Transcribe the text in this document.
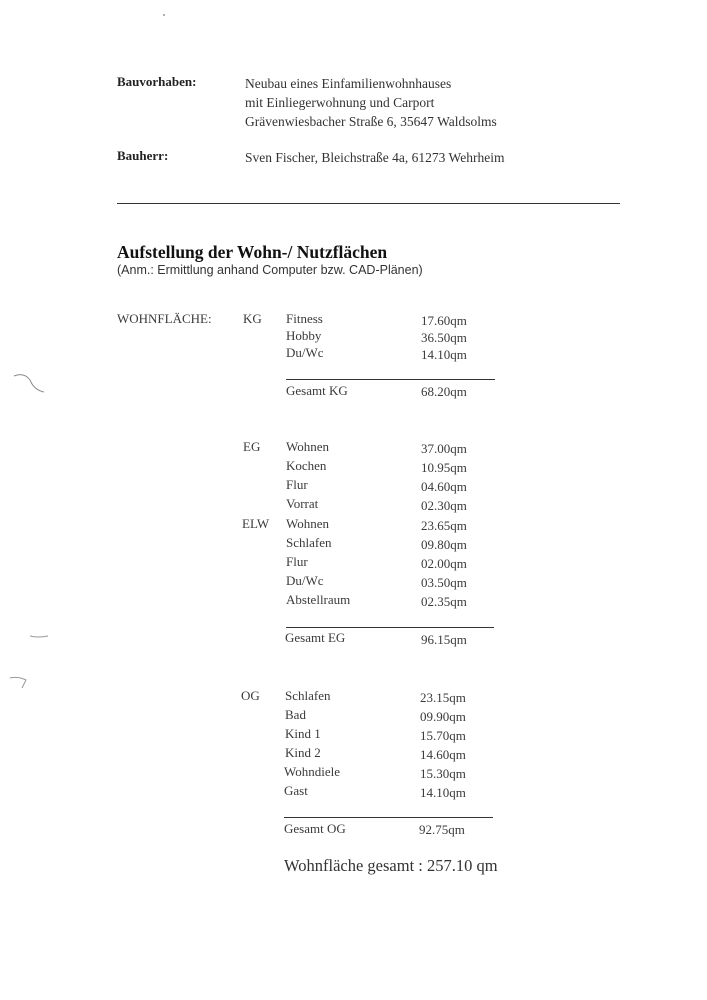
Bauvorhaben:	Neubau eines Einfamilienwohnhauses
mit Einliegerwohnung und Carport
Grävenwiesbacher Straße 6, 35647 Waldsolms
Bauherr:	Sven Fischer, Bleichstraße 4a, 61273 Wehrheim
Aufstellung der Wohn-/ Nutzflächen
(Anm.: Ermittlung anhand Computer bzw. CAD-Plänen)
WOHNFLÄCHE: KG Fitness	17.60qm
Hobby	36.50qm
Du/Wc	14.10qm
Gesamt KG	68.20qm
EG Wohnen	37.00qm
Kochen	10.95qm
Flur	04.60qm
Vorrat	02.30qm
ELW Wohnen	23.65qm
Schlafen	09.80qm
Flur	02.00qm
Du/Wc	03.50qm
Abstellraum	02.35qm
Gesamt EG	96.15qm
OG Schlafen	23.15qm
Bad	09.90qm
Kind 1	15.70qm
Kind 2	14.60qm
Wohndiele	15.30qm
Gast	14.10qm
Gesamt OG	92.75qm
Wohnfläche gesamt : 257.10 qm
